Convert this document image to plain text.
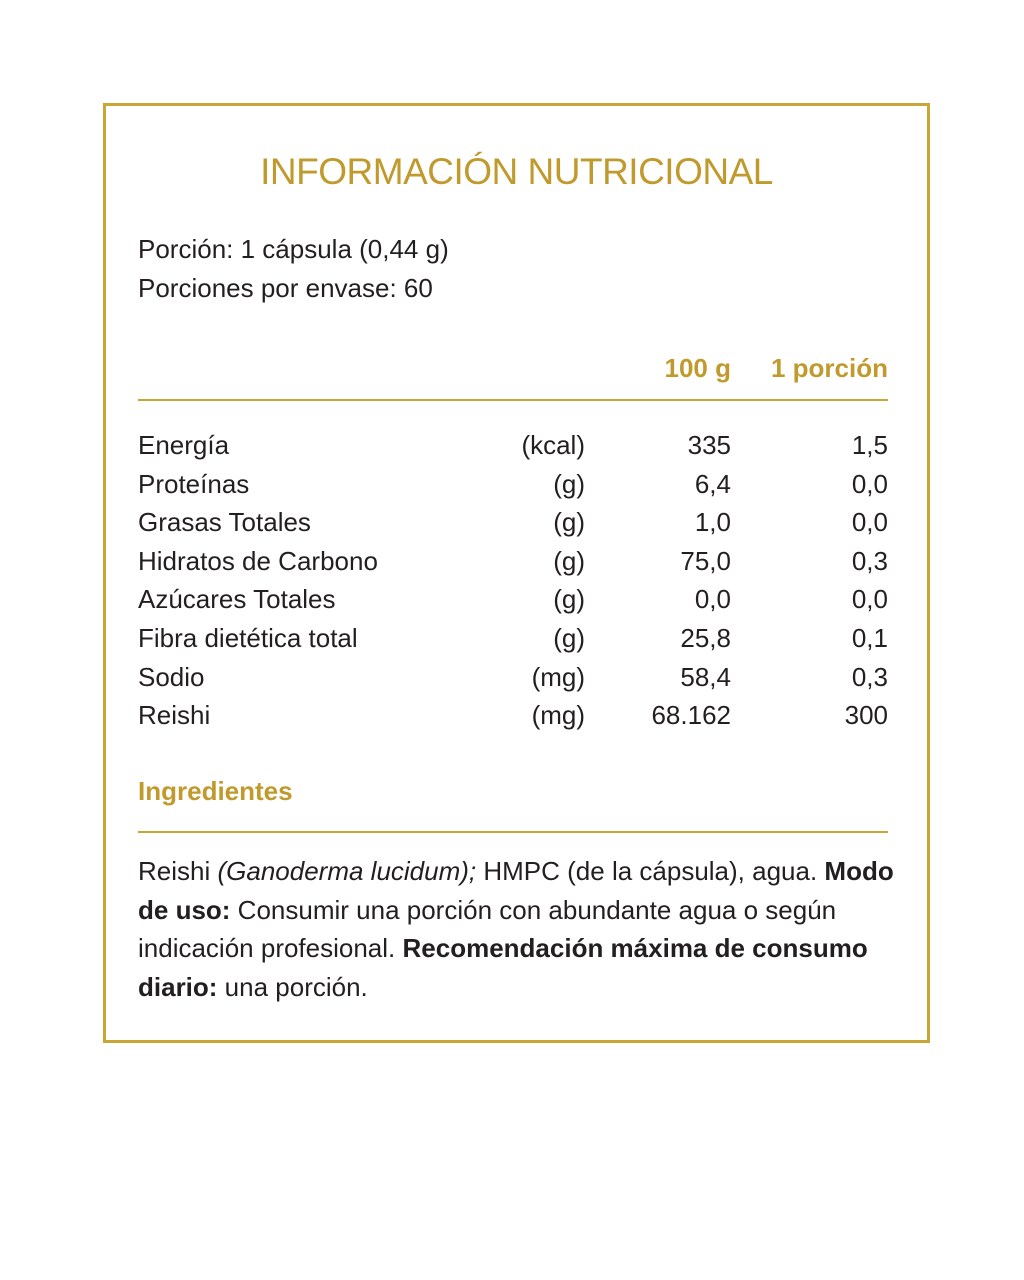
INFORMACIÓN NUTRICIONAL
Porción: 1 cápsula (0,44 g)
Porciones por envase: 60
100 g	1 porción
Energía	(kcal)	335	1,5
Proteínas	(g)	6,4	0,0
Grasas Totales	(g)	1,0	0,0
Hidratos de Carbono	(g)	75,0	0,3
Azúcares Totales	(g)	0,0	0,0
Fibra dietética total	(g)	25,8	0,1
Sodio	(mg)	58,4	0,3
Reishi	(mg)	68.162	300
Ingredientes
Reishi (Ganoderma lucidum); HMPC (de la cápsula), agua. Modo de uso: Consumir una porción con abundante agua o según indicación profesional. Recomendación máxima de consumo diario: una porción.
